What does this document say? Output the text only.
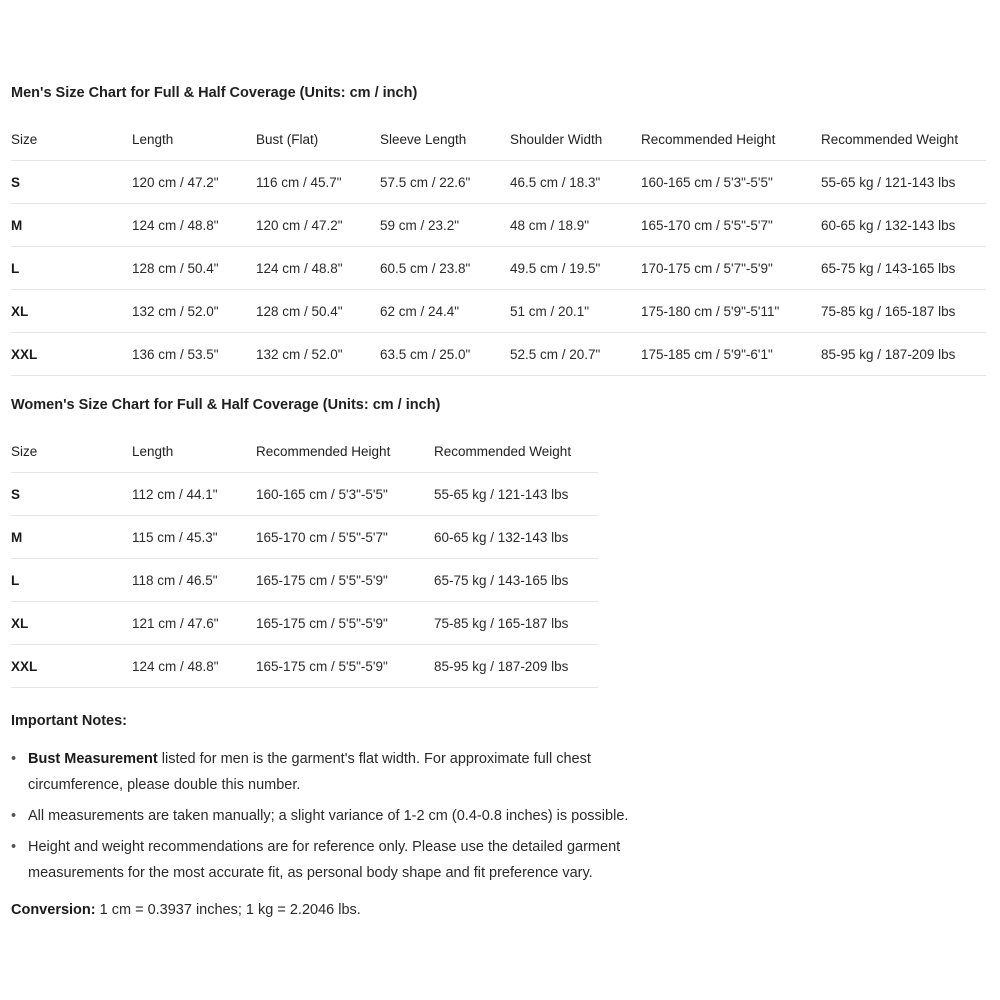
Men's Size Chart for Full & Half Coverage (Units: cm / inch)
Size	Length	Bust (Flat)	Sleeve Length	Shoulder Width	Recommended Height	Recommended Weight
S	120 cm / 47.2"	116 cm / 45.7"	57.5 cm / 22.6"	46.5 cm / 18.3"	160-165 cm / 5'3"-5'5"	55-65 kg / 121-143 lbs
M	124 cm / 48.8"	120 cm / 47.2"	59 cm / 23.2"	48 cm / 18.9"	165-170 cm / 5'5"-5'7"	60-65 kg / 132-143 lbs
L	128 cm / 50.4"	124 cm / 48.8"	60.5 cm / 23.8"	49.5 cm / 19.5"	170-175 cm / 5'7"-5'9"	65-75 kg / 143-165 lbs
XL	132 cm / 52.0"	128 cm / 50.4"	62 cm / 24.4"	51 cm / 20.1"	175-180 cm / 5'9"-5'11"	75-85 kg / 165-187 lbs
XXL	136 cm / 53.5"	132 cm / 52.0"	63.5 cm / 25.0"	52.5 cm / 20.7"	175-185 cm / 5'9"-6'1"	85-95 kg / 187-209 lbs
Women's Size Chart for Full & Half Coverage (Units: cm / inch)
Size	Length	Recommended Height	Recommended Weight
S	112 cm / 44.1"	160-165 cm / 5'3"-5'5"	55-65 kg / 121-143 lbs
M	115 cm / 45.3"	165-170 cm / 5'5"-5'7"	60-65 kg / 132-143 lbs
L	118 cm / 46.5"	165-175 cm / 5'5"-5'9"	65-75 kg / 143-165 lbs
XL	121 cm / 47.6"	165-175 cm / 5'5"-5'9"	75-85 kg / 165-187 lbs
XXL	124 cm / 48.8"	165-175 cm / 5'5"-5'9"	85-95 kg / 187-209 lbs
Important Notes:
• Bust Measurement listed for men is the garment's flat width. For approximate full chest circumference, please double this number.
• All measurements are taken manually; a slight variance of 1-2 cm (0.4-0.8 inches) is possible.
• Height and weight recommendations are for reference only. Please use the detailed garment measurements for the most accurate fit, as personal body shape and fit preference vary.
Conversion: 1 cm = 0.3937 inches; 1 kg = 2.2046 lbs.
